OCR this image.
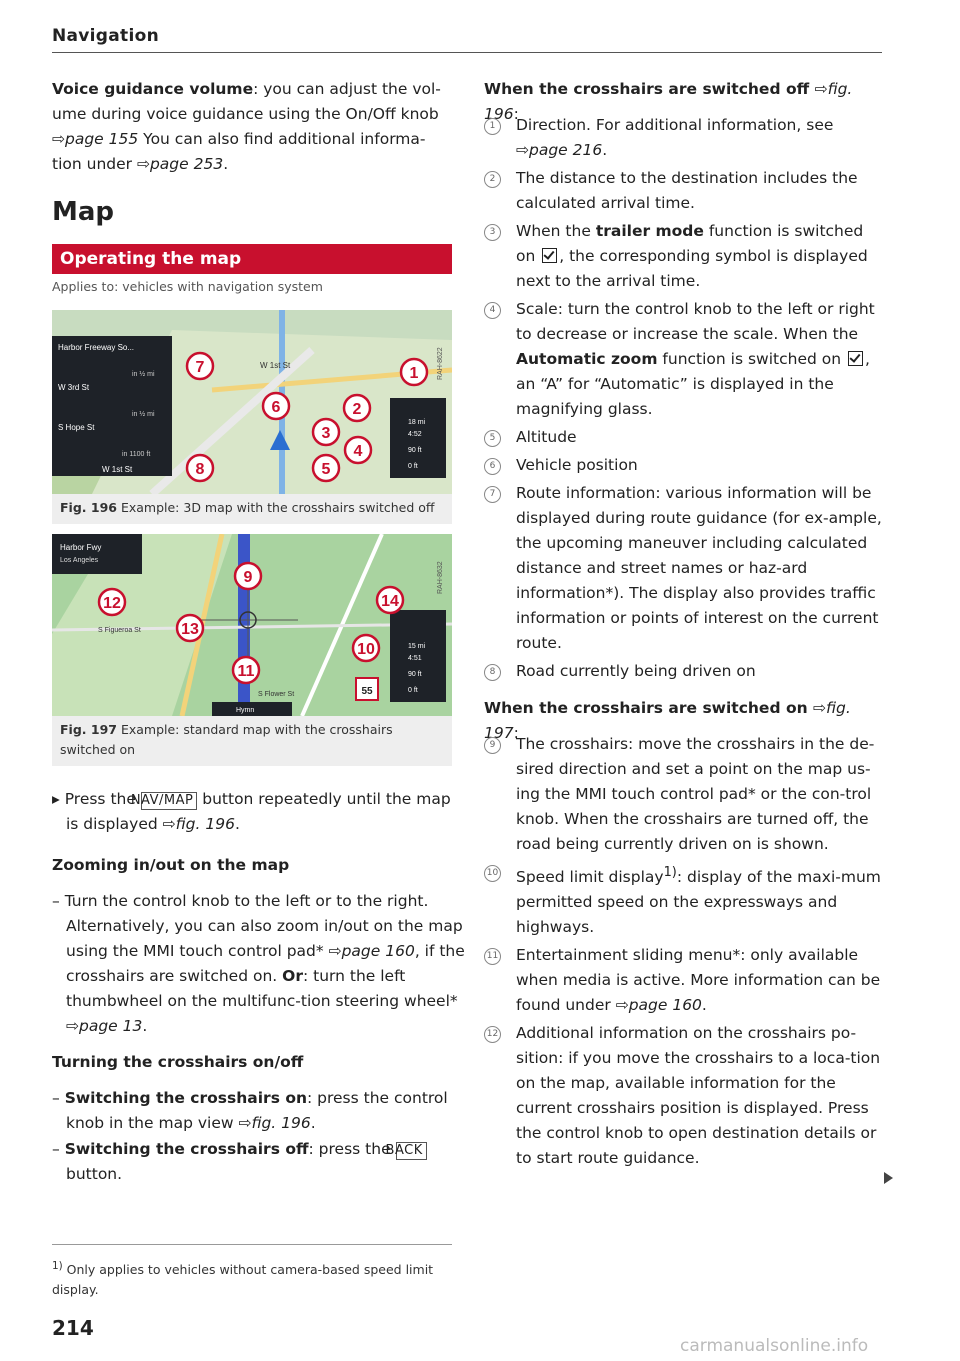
Navigation

Voice guidance volume: you can adjust the vol-ume during voice guidance using the On/Off knob ⇨page 155 You can also find additional informa-tion under ⇨page 253.

Map
Operating the map
Applies to: vehicles with navigation system
Harbor Freeway So...
W 3rd St
S Hope St
W 1st St
in ½ mi
in ½ mi
in 1100 ft
W 1st St
18 mi
4:52
90 ft
0 ft
RAH-8622
1
2
3
4
5
6
7
8
Fig. 196 Example: 3D map with the crosshairs switched off
Harbor Fwy
Los Angeles
S Figueroa St
S Flower St
Hymn
15 mi
4:51
90 ft
0 ft
55
RAH-8632
9
10
11
12
13
14
Fig. 197 Example: standard map with the crosshairs switched on

▸ Press the NAV/MAP button repeatedly until the map is displayed ⇨fig. 196.

Zooming in/out on the map

– Turn the control knob to the left or to the right. Alternatively, you can also zoom in/out on the map using the MMI touch control pad* ⇨page 160, if the crosshairs are switched on. Or: turn the left thumbwheel on the multifunc-tion steering wheel* ⇨page 13.

Turning the crosshairs on/off

– Switching the crosshairs on: press the control knob in the map view ⇨fig. 196.

– Switching the crosshairs off: press the BACK button.

$^{1)}$ Only applies to vehicles without camera-based speed limit display.
214

When the crosshairs are switched off ⇨fig. 196:

1	Direction. For additional information, see ⇨page 216.
2	The distance to the destination includes the calculated arrival time.
3	When the trailer mode function is switched on , the corresponding symbol is displayed next to the arrival time.
4	Scale: turn the control knob to the left or right to decrease or increase the scale. When the Automatic zoom function is switched on , an “A” for “Automatic” is displayed in the magnifying glass.
5	Altitude
6	Vehicle position
7	Route information: various information will be displayed during route guidance (for ex-ample, the upcoming maneuver including calculated distance and street names or haz-ard information*). The display also provides traffic information or points of interest on the current route.
8	Road currently being driven on

When the crosshairs are switched on ⇨fig. 197:

9	The crosshairs: move the crosshairs in the de-sired direction and set a point on the map us-ing the MMI touch control pad* or the con-trol knob. When the crosshairs are turned off, the road being currently driven on is shown.
10 Speed limit display$^{1)}$: display of the maxi-mum permitted speed on the expressways and highways.
11 Entertainment sliding menu*: only available when media is active. More information can be found under ⇨page 160.
12 Additional information on the crosshairs po-sition: if you move the crosshairs to a loca-tion on the map, available information for the current crosshairs position is displayed. Press the control knob to open destination details or to start route guidance.
carmanualsonline.info
